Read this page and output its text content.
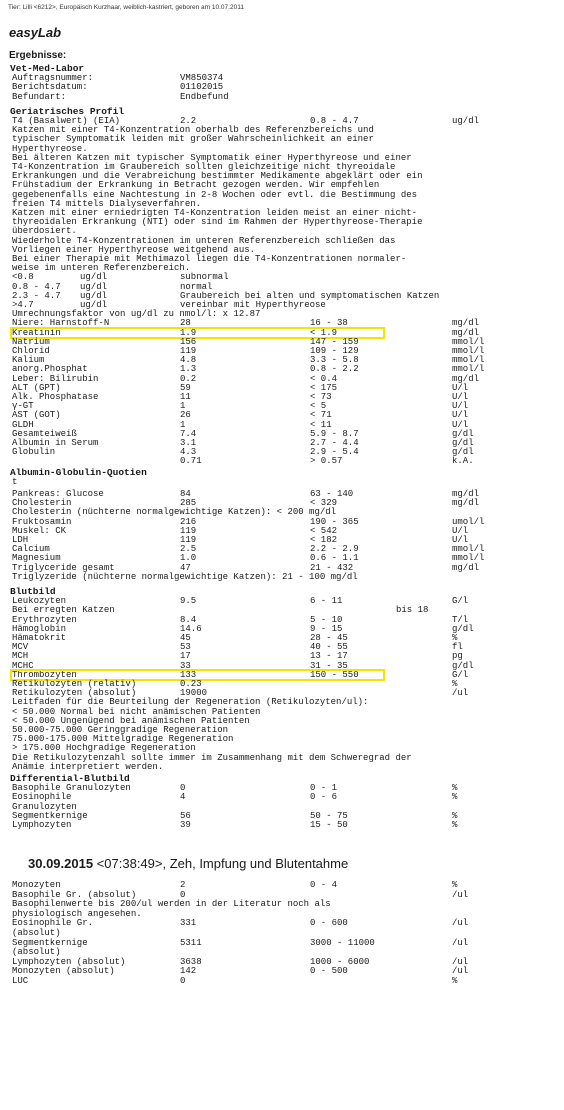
Tier: Lilli <6212>, Europäisch Kurzhaar, weiblich-kastriert, geboren am 10.07.2011
easyLab
Ergebnisse:
Vet-Med-Labor
Auftragsnummer:	VM850374
Berichtsdatum:	01102015
Befundart:	Endbefund
Geriatrisches Profil
T4 (Basalwert) (EIA)	2.2	0.8 - 4.7	ug/dl
Katzen mit einer T4-Konzentration oberhalb des Referenzbereichs und
typischer Symptomatik leiden mit großer Wahrscheinlichkeit an einer
Hyperthyreose.
Bei älteren Katzen mit typischer Symptomatik einer Hyperthyreose und einer
T4-Konzentration im Graubereich sollten gleichzeitige nicht thyreoidale
Erkrankungen und die Verabreichung bestimmter Medikamente abgeklärt oder ein
Frühstadium der Erkrankung in Betracht gezogen werden. Wir empfehlen
gegebenenfalls eine Nachtestung in 2-8 Wochen oder evtl. die Bestimmung des
freien T4 mittels Dialyseverfahren.
Katzen mit einer erniedrigten T4-Konzentration leiden meist an einer nicht-
thyreoidalen Erkrankung (NTI) oder sind im Rahmen der Hyperthyreose-Therapie
überdosiert.
Wiederholte T4-Konzentrationen im unteren Referenzbereich schließen das
Vorliegen einer Hyperthyreose weitgehend aus.
Bei einer Therapie mit Methimazol liegen die T4-Konzentrationen normaler-
weise im unteren Referenzbereich.
<0.8	ug/dl	subnormal
0.8 - 4.7 ug/dl	normal
2.3 - 4.7 ug/dl	Graubereich bei alten und symptomatischen Katzen
>4.7	ug/dl	vereinbar mit Hyperthyreose
Umrechnungsfaktor von ug/dl zu nmol/l: x 12.87
Niere: Harnstoff-N	28	16 - 38	mg/dl
Kreatinin	1.9	< 1.9	mg/dl
Natrium	156	147 - 159	mmol/l
Chlorid	119	109 - 129	mmol/l
Kalium	4.8	3.3 - 5.8	mmol/l
anorg.Phosphat	1.3	0.8 - 2.2	mmol/l
Leber: Bilirubin	0.2	< 0.4	mg/dl
ALT (GPT)	59	< 175	U/l
Alk. Phosphatase	11	< 73	U/l
γ-GT	1	< 5	U/l
AST (GOT)	26	< 71	U/l
GLDH	1	< 11	U/l
Gesamteiweiß	7.4	5.9 - 8.7	g/dl
Albumin in Serum	3.1	2.7 - 4.4	g/dl
Globulin	4.3	2.9 - 5.4	g/dl
0.71	> 0.57	k.A.
Albumin-Globulin-Quotien
t
Pankreas: Glucose	84	63 - 140	mg/dl
Cholesterin	285	< 329	mg/dl
Cholesterin (nüchterne normalgewichtige Katzen): < 200 mg/dl
Fruktosamin	216	190 - 365	umol/l
Muskel: CK	119	< 542	U/l
LDH	119	< 182	U/l
Calcium	2.5	2.2 - 2.9	mmol/l
Magnesium	1.0	0.6 - 1.1	mmol/l
Triglyceride gesamt	47	21 - 432	mg/dl
Triglyzeride (nüchterne normalgewichtige Katzen): 21 - 100 mg/dl
Blutbild
Leukozyten	9.5	6 - 11	G/l
Bei erregten Katzen	bis 18
Erythrozyten	8.4	5 - 10	T/l
Hämoglobin	14.6	9 - 15	g/dl
Hämatokrit	45	28 - 45	%
MCV	53	40 - 55	fl
MCH	17	13 - 17	pg
MCHC	33	31 - 35	g/dl
Thrombozyten	133	150 - 550	G/l
Retikulozyten (relativ)	0.23	%
Retikulozyten (absolut)	19000	/ul
Leitfaden für die Beurteilung der Regeneration (Retikulozyten/ul):
< 50.000 Normal bei nicht anämischen Patienten
< 50.000 Ungenügend bei anämischen Patienten
50.000-75.000 Geringgradige Regeneration
75.000-175.000 Mittelgradige Regeneration
> 175.000 Hochgradige Regeneration
Die Retikulozytenzahl sollte immer im Zusammenhang mit dem Schweregrad der
Anämie interpretiert werden.
Differential-Blutbild
Basophile Granulozyten	0	0 - 1	%
Eosinophile	4	0 - 6	%
Granulozyten
Segmentkernige	56	50 - 75	%
Lymphozyten	39	15 - 50	%
30.09.2015 <07:38:49>, Zeh, Impfung und Blutentahme
Monozyten	2	0 - 4	%
Basophile Gr. (absolut)	0	/ul
Basophilenwerte bis 200/ul werden in der Literatur noch als
physiologisch angesehen.
Eosinophile Gr.	331	0 - 600	/ul
(absolut)
Segmentkernige	5311	3000 - 11000	/ul
(absolut)
Lymphozyten (absolut)	3638	1000 - 6000	/ul
Monozyten (absolut)	142	0 - 500	/ul
LUC	0	%
